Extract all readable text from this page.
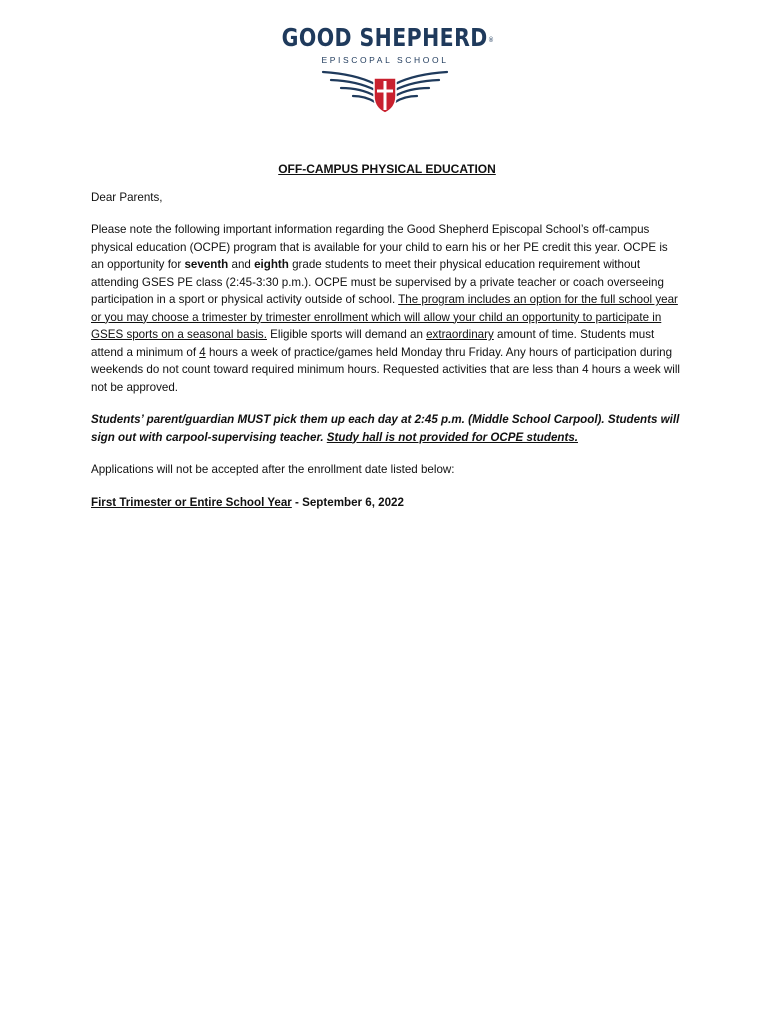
GOOD SHEPHERD ®
EPISCOPAL SCHOOL
OFF-CAMPUS PHYSICAL EDUCATION

Dear Parents,

Please note the following important information regarding the Good Shepherd Episcopal School’s off-campus physical education (OCPE) program that is available for your child to earn his or her PE credit this year. OCPE is an opportunity for seventh and eighth grade students to meet their physical education requirement without attending GSES PE class (2:45-3:30 p.m.). OCPE must be supervised by a private teacher or coach overseeing participation in a sport or physical activity outside of school. The program includes an option for the full school year or you may choose a trimester by trimester enrollment which will allow your child an opportunity to participate in GSES sports on a seasonal basis. Eligible sports will demand an extraordinary amount of time. Students must attend a minimum of 4 hours a week of practice/games held Monday thru Friday. Any hours of participation during weekends do not count toward required minimum hours. Requested activities that are less than 4 hours a week will not be approved.

Students’ parent/guardian MUST pick them up each day at 2:45 p.m. (Middle School Carpool). Students will sign out with carpool-supervising teacher. Study hall is not provided for OCPE students.

Applications will not be accepted after the enrollment date listed below:

First Trimester or Entire School Year - September 6, 2022
